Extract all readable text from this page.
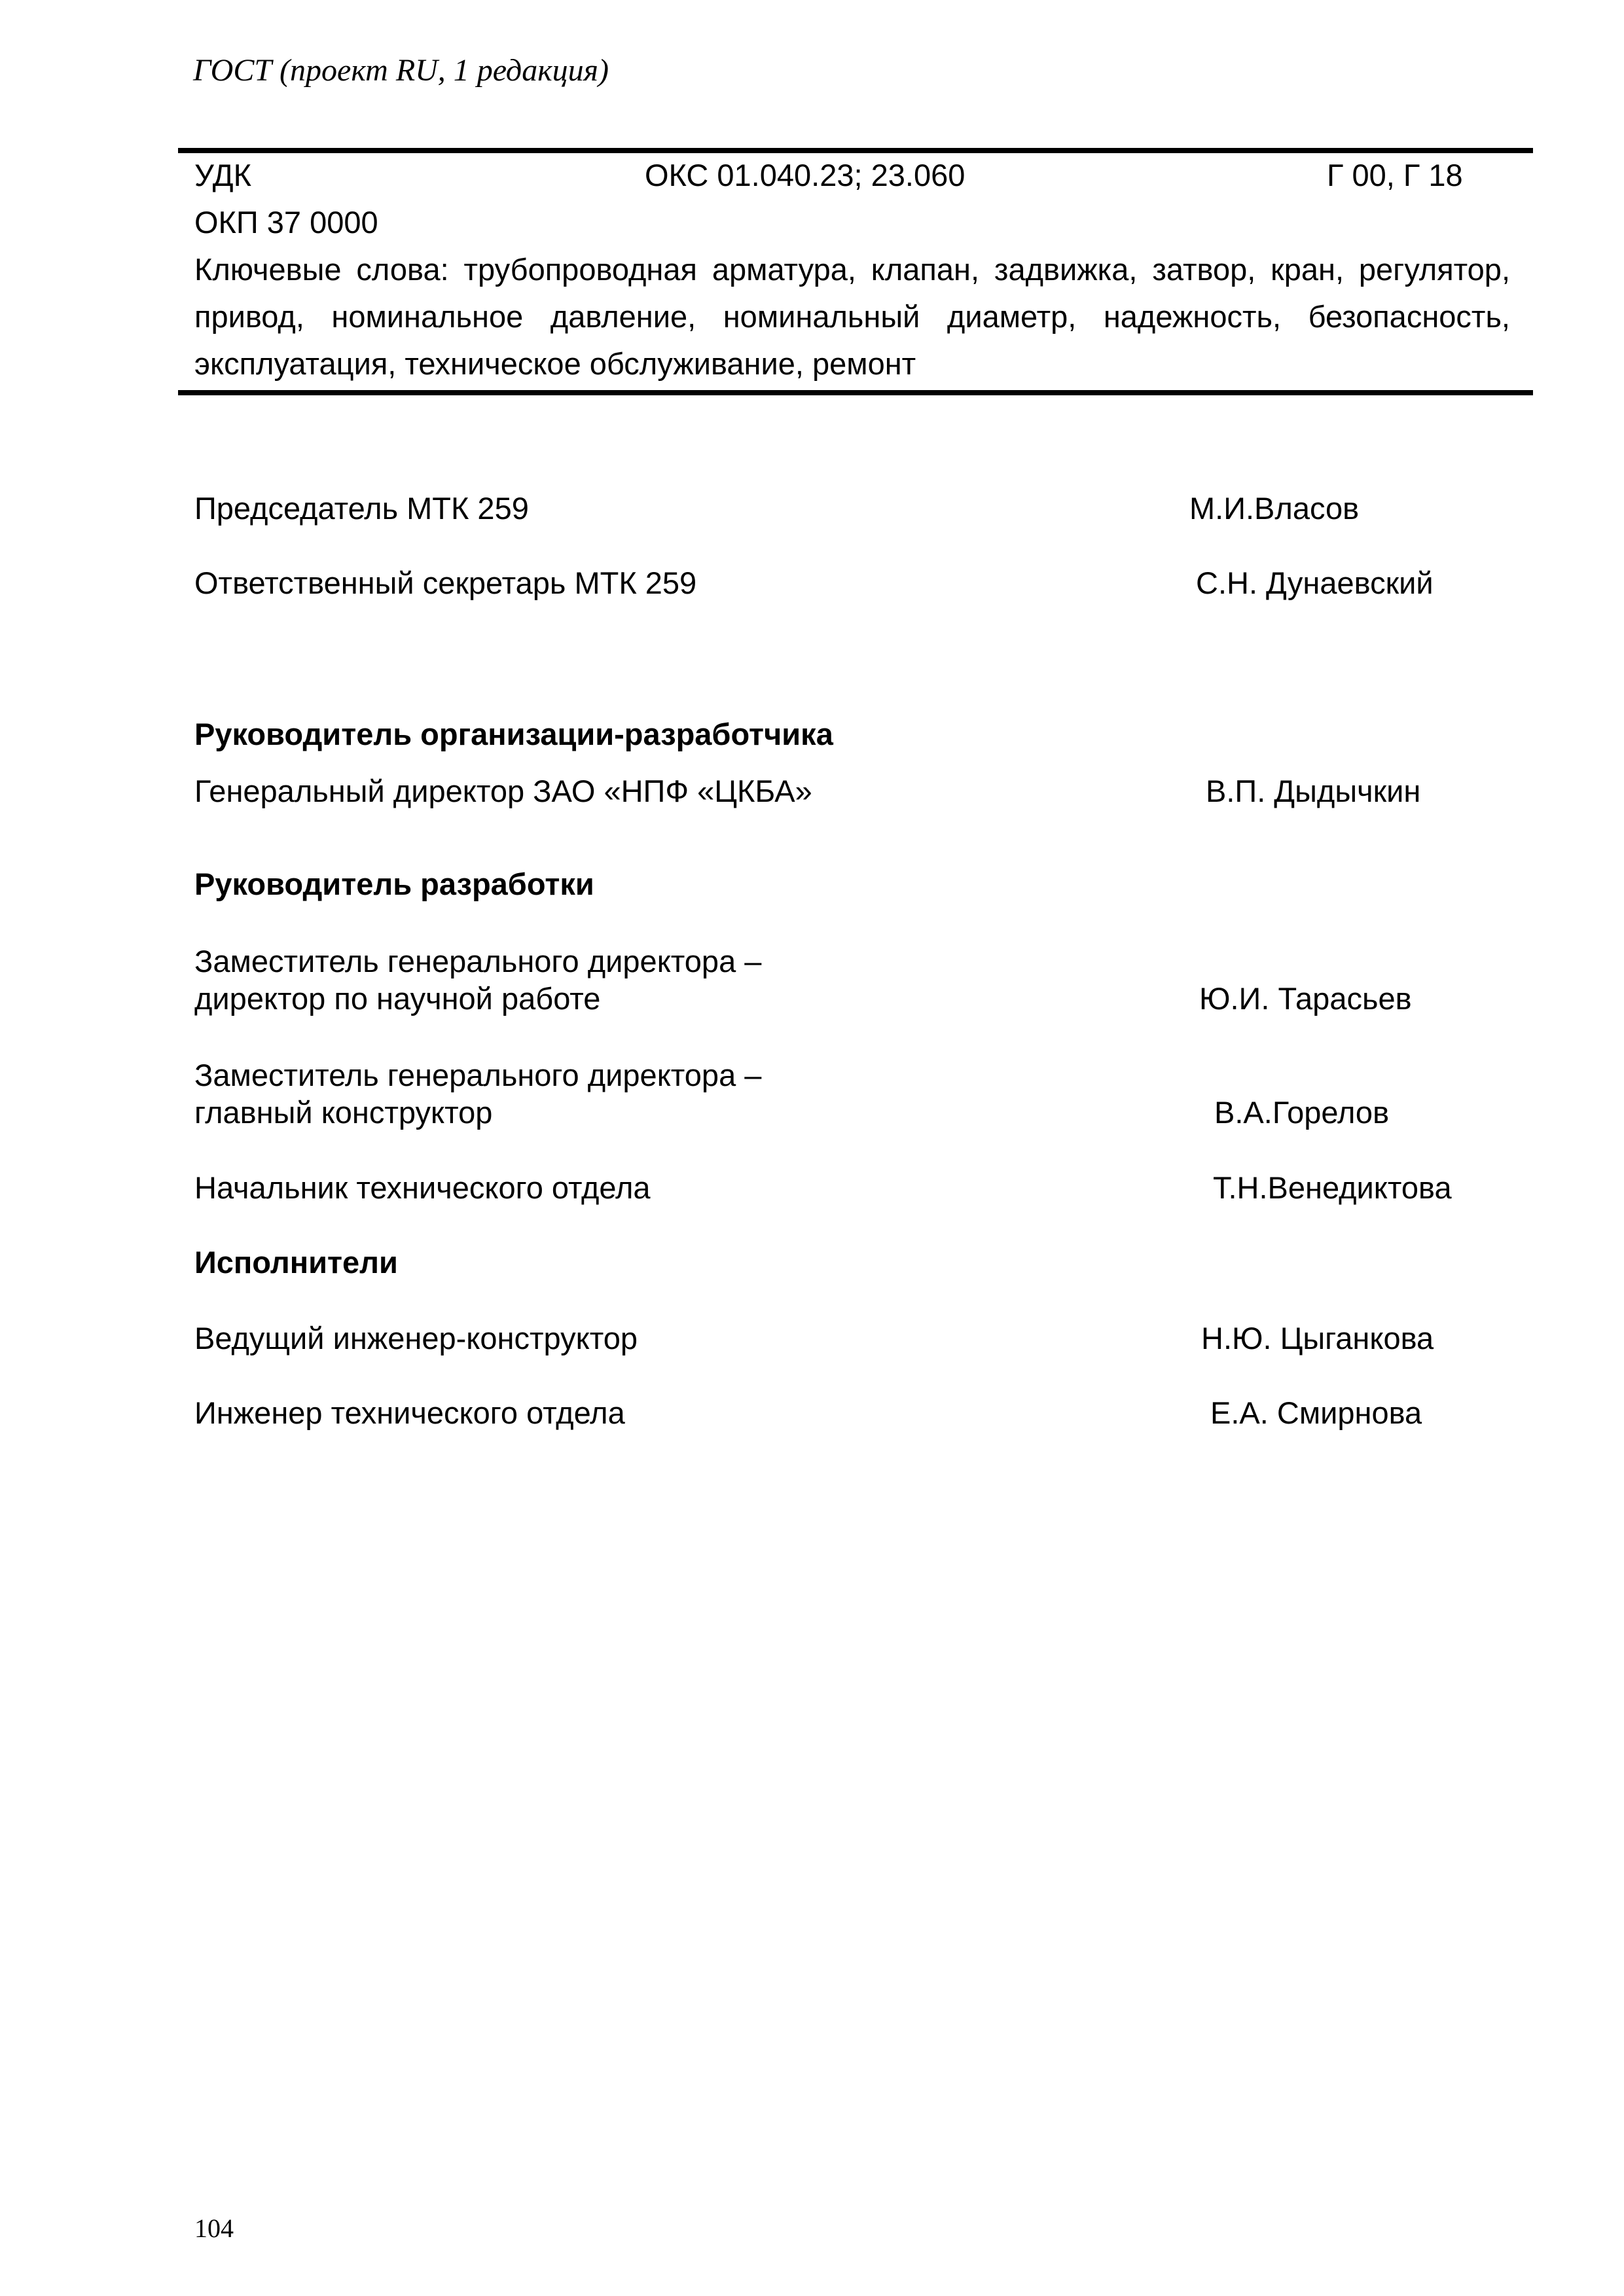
ГОСТ (проект RU, 1 редакция)
УДК	ОКС 01.040.23; 23.060	Г 00, Г 18
ОКП 37 0000
Ключевые слова: трубопроводная арматура, клапан, задвижка, затвор, кран, регулятор, привод, номинальное давление, номинальный диаметр, надежность, безопасность, эксплуатация, техническое обслуживание, ремонт
Председатель МТК 259	М.И.Власов
Ответственный секретарь МТК 259	С.Н. Дунаевский
Руководитель организации-разработчика
Генеральный директор ЗАО «НПФ «ЦКБА»	В.П. Дыдычкин
Руководитель разработки
Заместитель генерального директора –
директор по научной работе	Ю.И. Тарасьев
Заместитель генерального директора –
главный конструктор	В.А.Горелов
Начальник технического отдела	Т.Н.Венедиктова
Исполнители
Ведущий инженер-конструктор	Н.Ю. Цыганкова
Инженер технического отдела	Е.А. Смирнова
104
